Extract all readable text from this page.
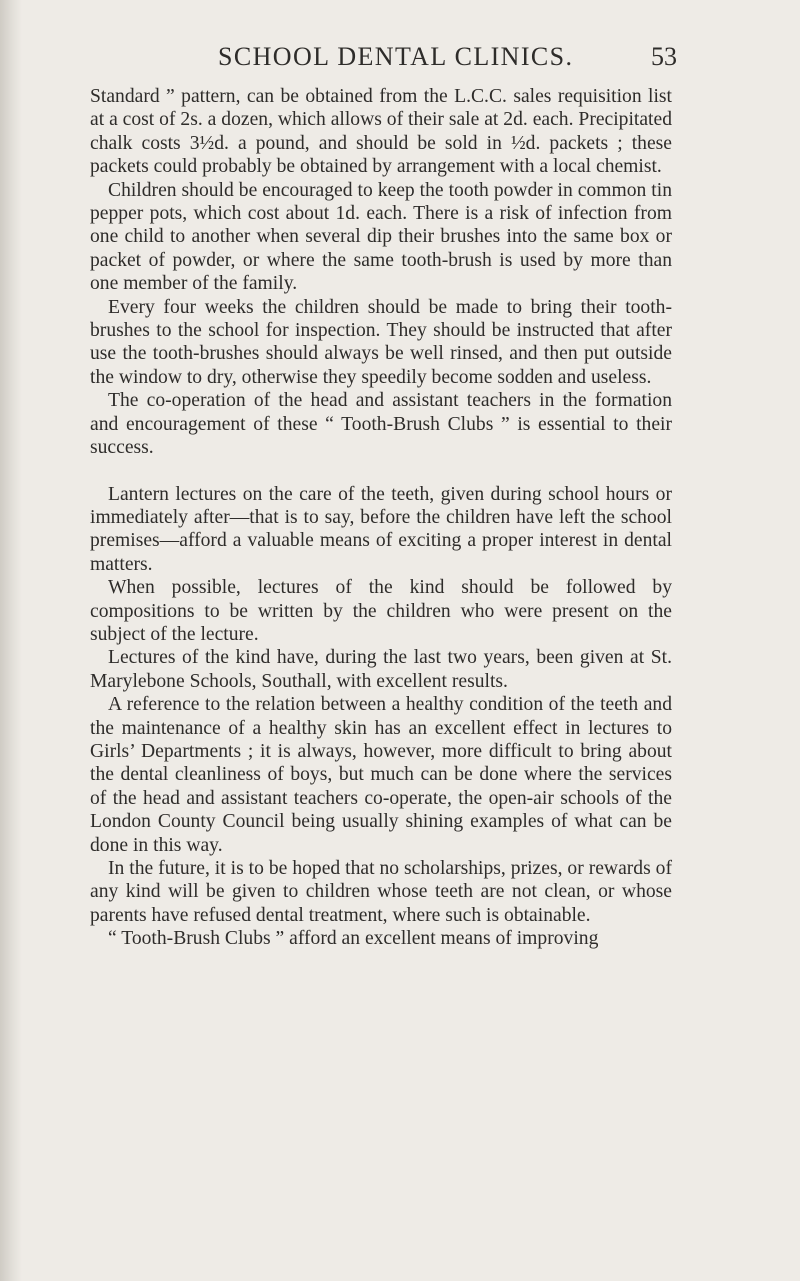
SCHOOL DENTAL CLINICS.	53

Standard ” pattern, can be obtained from the L.C.C. sales requisition list at a cost of 2s. a dozen, which allows of their sale at 2d. each. Precipitated chalk costs 3½d. a pound, and should be sold in ½d. packets ; these packets could probably be obtained by arrangement with a local chemist.

Children should be encouraged to keep the tooth powder in common tin pepper pots, which cost about 1d. each. There is a risk of infection from one child to another when several dip their brushes into the same box or packet of powder, or where the same tooth-brush is used by more than one member of the family.

Every four weeks the children should be made to bring their tooth-brushes to the school for inspection. They should be instructed that after use the tooth-brushes should always be well rinsed, and then put outside the window to dry, otherwise they speedily become sodden and useless.

The co-operation of the head and assistant teachers in the formation and encouragement of these “ Tooth-Brush Clubs ” is essential to their success.

Lantern lectures on the care of the teeth, given during school hours or immediately after—that is to say, before the children have left the school premises—afford a valuable means of exciting a proper interest in dental matters.

When possible, lectures of the kind should be followed by compositions to be written by the children who were present on the subject of the lecture.

Lectures of the kind have, during the last two years, been given at St. Marylebone Schools, Southall, with excellent results.

A reference to the relation between a healthy condition of the teeth and the maintenance of a healthy skin has an excellent effect in lectures to Girls’ Departments ; it is always, however, more difficult to bring about the dental cleanliness of boys, but much can be done where the services of the head and assistant teachers co-operate, the open-air schools of the London County Council being usually shining examples of what can be done in this way.

In the future, it is to be hoped that no scholarships, prizes, or rewards of any kind will be given to children whose teeth are not clean, or whose parents have refused dental treatment, where such is obtainable.

“ Tooth-Brush Clubs ” afford an excellent means of improving
